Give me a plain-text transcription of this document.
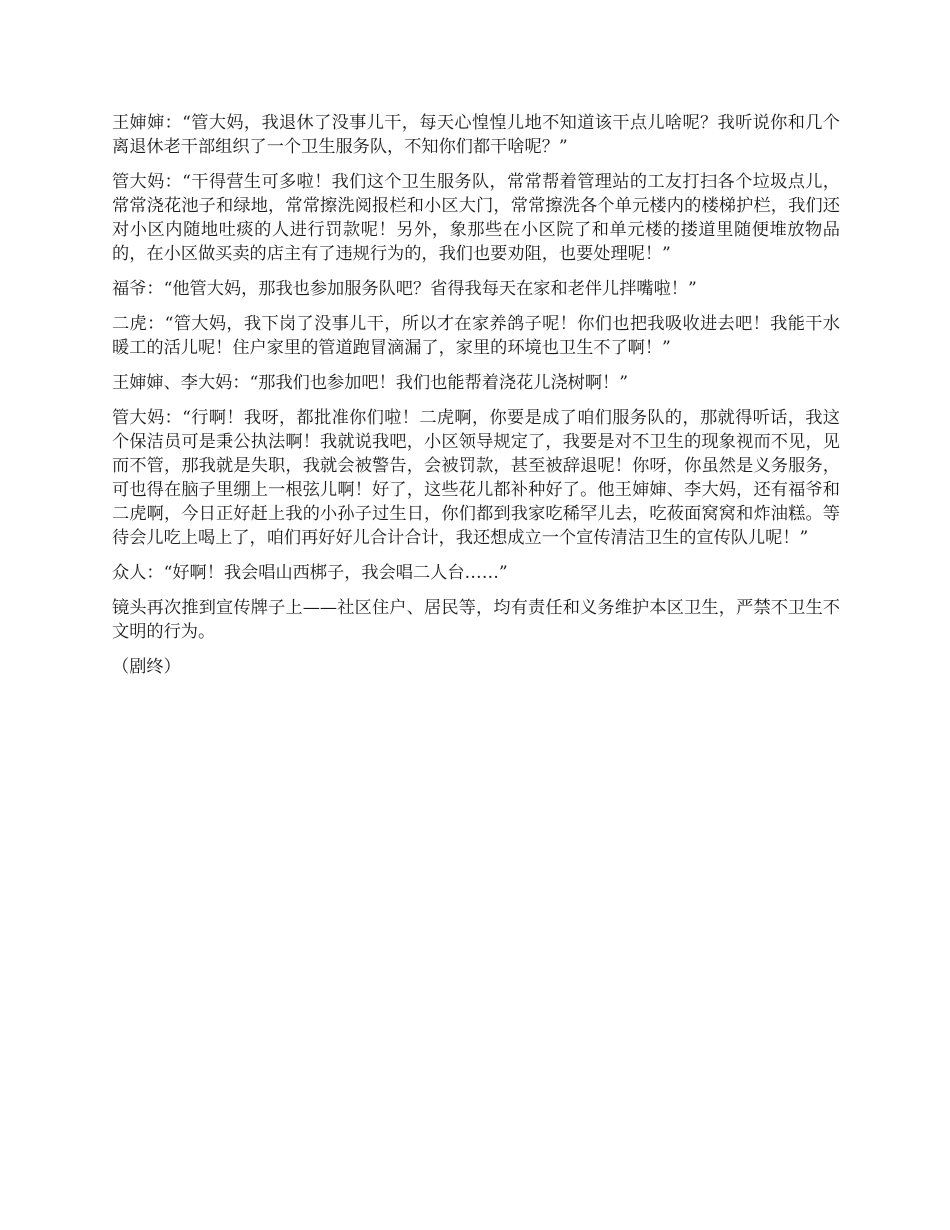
王婶婶：“管大妈，我退休了没事儿干，每天心惶惶儿地不知道该干点儿啥呢？我听说你和几个离退休老干部组织了一个卫生服务队，不知你们都干啥呢？”

管大妈：“干得营生可多啦！我们这个卫生服务队，常常帮着管理站的工友打扫各个垃圾点儿，常常浇花池子和绿地，常常擦洗阅报栏和小区大门，常常擦洗各个单元楼内的楼梯护栏，我们还对小区内随地吐痰的人进行罚款呢！另外，象那些在小区院了和单元楼的搂道里随便堆放物品的，在小区做买卖的店主有了违规行为的，我们也要劝阻，也要处理呢！”

福爷：“他管大妈，那我也参加服务队吧？省得我每天在家和老伴儿拌嘴啦！”

二虎：“管大妈，我下岗了没事儿干，所以才在家养鸽子呢！你们也把我吸收进去吧！我能干水暖工的活儿呢！住户家里的管道跑冒滴漏了，家里的环境也卫生不了啊！”

王婶婶、李大妈：“那我们也参加吧！我们也能帮着浇花儿浇树啊！”

管大妈：“行啊！我呀，都批准你们啦！二虎啊，你要是成了咱们服务队的，那就得听话，我这个保洁员可是秉公执法啊！我就说我吧，小区领导规定了，我要是对不卫生的现象视而不见，见而不管，那我就是失职，我就会被警告，会被罚款，甚至被辞退呢！你呀，你虽然是义务服务，可也得在脑子里绷上一根弦儿啊！好了，这些花儿都补种好了。他王婶婶、李大妈，还有福爷和二虎啊，今日正好赶上我的小孙子过生日，你们都到我家吃稀罕儿去，吃莜面窝窝和炸油糕。等待会儿吃上喝上了，咱们再好好儿合计合计，我还想成立一个宣传清洁卫生的宣传队儿呢！”

众人：“好啊！我会唱山西梆子，我会唱二人台……”

镜头再次推到宣传牌子上——社区住户、居民等，均有责任和义务维护本区卫生，严禁不卫生不文明的行为。

（剧终）
